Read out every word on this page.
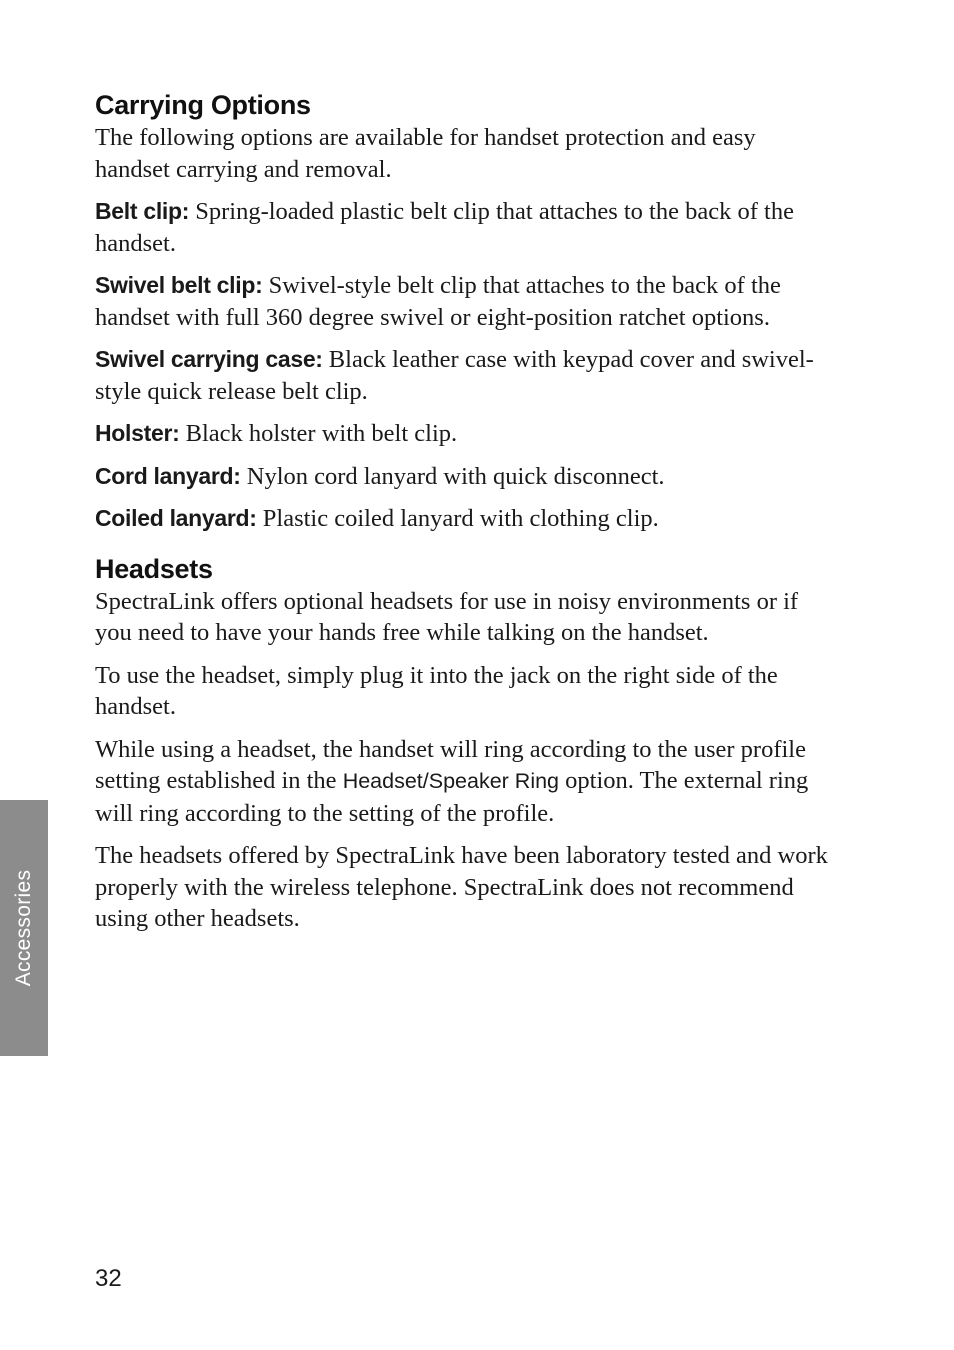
Carrying Options

The following options are available for handset protection and easy handset carrying and removal.

Belt clip: Spring-loaded plastic belt clip that attaches to the back of the handset.

Swivel belt clip: Swivel-style belt clip that attaches to the back of the handset with full 360 degree swivel or eight-position ratchet options.

Swivel carrying case: Black leather case with keypad cover and swivel-style quick release belt clip.

Holster: Black holster with belt clip.

Cord lanyard: Nylon cord lanyard with quick disconnect.

Coiled lanyard: Plastic coiled lanyard with clothing clip.

Headsets

SpectraLink offers optional headsets for use in noisy environments or if you need to have your hands free while talking on the handset.

To use the headset, simply plug it into the jack on the right side of the handset.

While using a headset, the handset will ring according to the user profile setting established in the Headset/Speaker Ring option. The external ring will ring according to the setting of the profile.

The headsets offered by SpectraLink have been laboratory tested and work properly with the wireless telephone. SpectraLink does not recommend using other headsets.

Accessories
32
